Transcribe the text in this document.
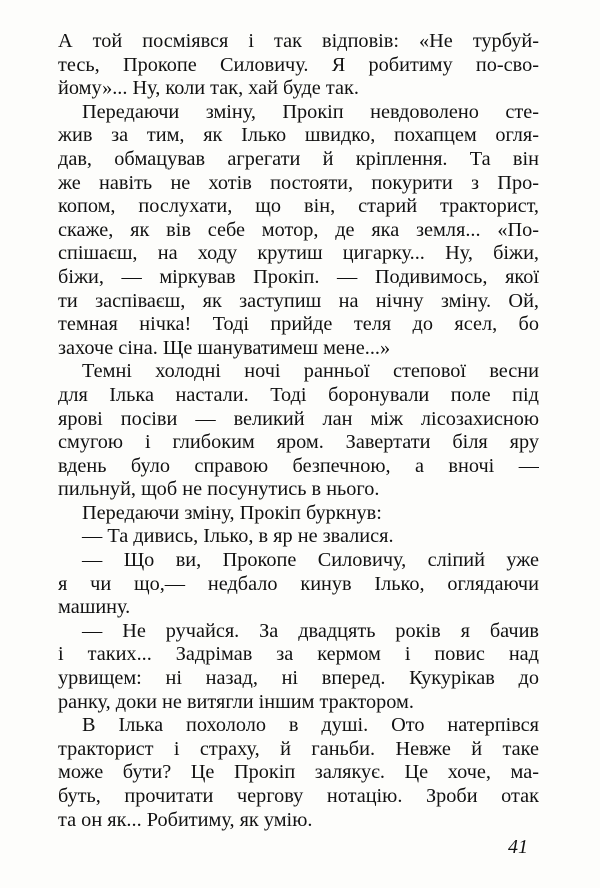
А той посміявся і так відповів: «Не турбуй-
тесь, Прокопе Силовичу. Я робитиму по-сво-
йому»... Ну, коли так, хай буде так.
Передаючи зміну, Прокіп невдоволено сте-
жив за тим, як Ілько швидко, похапцем огля-
дав, обмацував агрегати й кріплення. Та він
же навіть не хотів постояти, покурити з Про-
копом, послухати, що він, старий тракторист,
скаже, як вів себе мотор, де яка земля... «По-
спішаєш, на ходу крутиш цигарку... Ну, біжи,
біжи, — міркував Прокіп. — Подивимось, якої
ти заспіваєш, як заступиш на нічну зміну. Ой,
темная нічка! Тоді прийде теля до ясел, бо
захоче сіна. Ще шануватимеш мене...»
Темні холодні ночі ранньої степової весни
для Ілька настали. Тоді боронували поле під
ярові посіви — великий лан між лісозахисною
смугою і глибоким яром. Завертати біля яру
вдень було справою безпечною, а вночі —
пильнуй, щоб не посунутись в нього.
Передаючи зміну, Прокіп буркнув:
— Та дивись, Ілько, в яр не звалися.
— Що ви, Прокопе Силовичу, сліпий уже
я чи що,— недбало кинув Ілько, оглядаючи
машину.
— Не ручайся. За двадцять років я бачив
і таких... Задрімав за кермом і повис над
урвищем: ні назад, ні вперед. Кукурікав до
ранку, доки не витягли іншим трактором.
В Ілька похололо в душі. Ото натерпівся
тракторист і страху, й ганьби. Невже й таке
може бути? Це Прокіп залякує. Це хоче, ма-
буть, прочитати чергову нотацію. Зроби отак
та он як... Робитиму, як умію.
41
